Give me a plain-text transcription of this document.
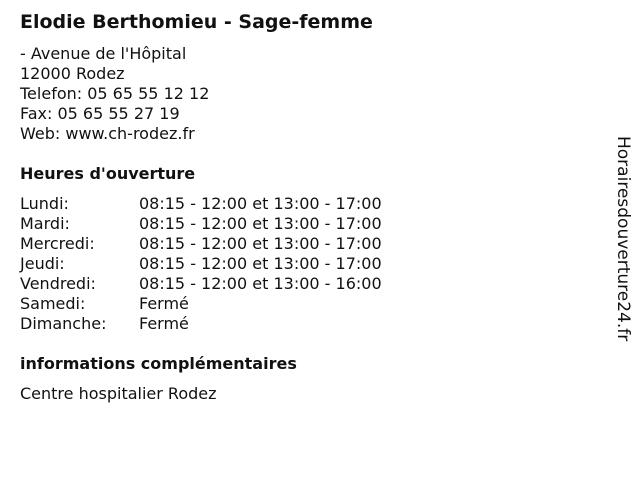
Elodie Berthomieu - Sage-femme
- Avenue de l'Hôpital
12000 Rodez
Telefon: 05 65 55 12 12
Fax: 05 65 55 27 19
Web: www.ch-rodez.fr
Heures d'ouverture
Lundi:	08:15 - 12:00 et 13:00 - 17:00
Mardi:	08:15 - 12:00 et 13:00 - 17:00
Mercredi:	08:15 - 12:00 et 13:00 - 17:00
Jeudi:	08:15 - 12:00 et 13:00 - 17:00
Vendredi:	08:15 - 12:00 et 13:00 - 16:00
Samedi:	Fermé
Dimanche: Fermé
informations complémentaires
Centre hospitalier Rodez
Horairesdouverture24.fr
